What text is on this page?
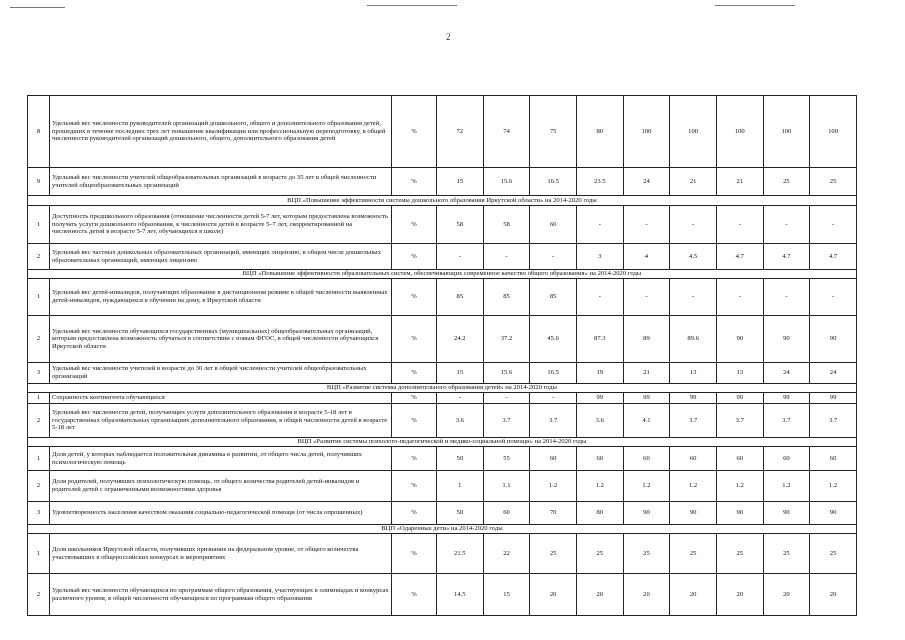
2
8	Удельный вес численности руководителей организаций дошкольного, общего и дополнительного образования детей, прошедших в течение последних трех лет повышение квалификации или профессиональную переподготовку, в общей численности руководителей организаций дошкольного, общего, дополнительного образования детей	%	72	74	75	80	100	100	100	100	100
9	Удельный вес численности учителей общеобразовательных организаций в возрасте до 35 лет в общей численности учителей общеобразовательных организаций	%	15	15.6	16.5	23.5	24	21	21	25	25
ВЦП «Повышение эффективности системы дошкольного образования Иркутской области» на 2014-2020 годы											
1	Доступность предшкольного образования (отношение численности детей 5-7 лет, которым предоставлена возможность получать услуги дошкольного образования, к численности детей в возрасте 5–7 лет, скорректированной на численность детей в возрасте 5-7 лет, обучающихся в школе)	%	58	58	60	-	-	-	-	-	-
2	Удельный вес частных дошкольных образовательных организаций, имеющих лицензию, в общем числе дошкольных образовательных организаций, имеющих лицензию	%	-	-	-	3	4	4.5	4.7	4.7	4.7
ВЦП «Повышение эффективности образовательных систем, обеспечивающих современное качество общего образования» на 2014-2020 годы											
1	Удельный вес детей-инвалидов, получающих образование в дистанционном режиме в общей численности выявленных детей-инвалидов, нуждающихся в обучении на дому, в Иркутской области	%	85	85	85	-	-	-	-	-	-
2	Удельный вес численности обучающихся государственных (муниципальных) общеобразовательных организаций, которым предоставлена возможность обучаться в соответствии с новым ФГОС, в общей численности обучающихся Иркутской области	%	24.2	37.2	45.6	87.3	89	89.6	90	90	90
3	Удельный вес численности учителей в возрасте до 30 лет в общей численности учителей общеобразовательных организаций	%	15	15.6	16.5	19	21	13	13	24	24
ВЦП «Развитие системы дополнительного образования детей» на 2014-2020 годы											
1	Сохранность контингента обучающихся	%	-	-	-	99	99	99	99	99	99
2	Удельный вес численности детей, получающих услуги дополнительного образования в возрасте 5-18 лет в государственных образовательных организациях дополнительного образования, в общей численности детей в возрасте 5-18 лет	%	3.6	3.7	3.7	3.6	4.1	3.7	3.7	3.7	3.7
ВЦП «Развитие системы психолого-педагогической и медико-социальной помощи» на 2014-2020 годы											
1	Доля детей, у которых наблюдается положительная динамика в развитии, от общего числа детей, получивших психологическую помощь	%	50	55	60	60	60	60	60	60	60
2	Доля родителей, получивших психологическую помощь, от общего количества родителей детей-инвалидов и родителей детей с ограниченными возможностями здоровья	%	1	1.1	1.2	1.2	1.2	1.2	1.2	1.2	1.2
3	Удовлетворенность населения качеством оказания социально-педагогической помощи (от числа опрошенных)	%	50	60	70	80	90	90	90	90	90
ВЦП «Одаренные дети» на 2014-2020 годы											
1	Доля школьников Иркутской области, получивших признание на федеральном уровне, от общего количества участвовавших в общероссийских конкурсах и мероприятиях	%	21.5	22	25	25	25	25	25	25	25
2	Удельный вес численности обучающихся по программам общего образования, участвующих в олимпиадах и конкурсах различного уровня, в общей численности обучающихся по программам общего образования	%	14.5	15	20	20	20	20	20	20	20
